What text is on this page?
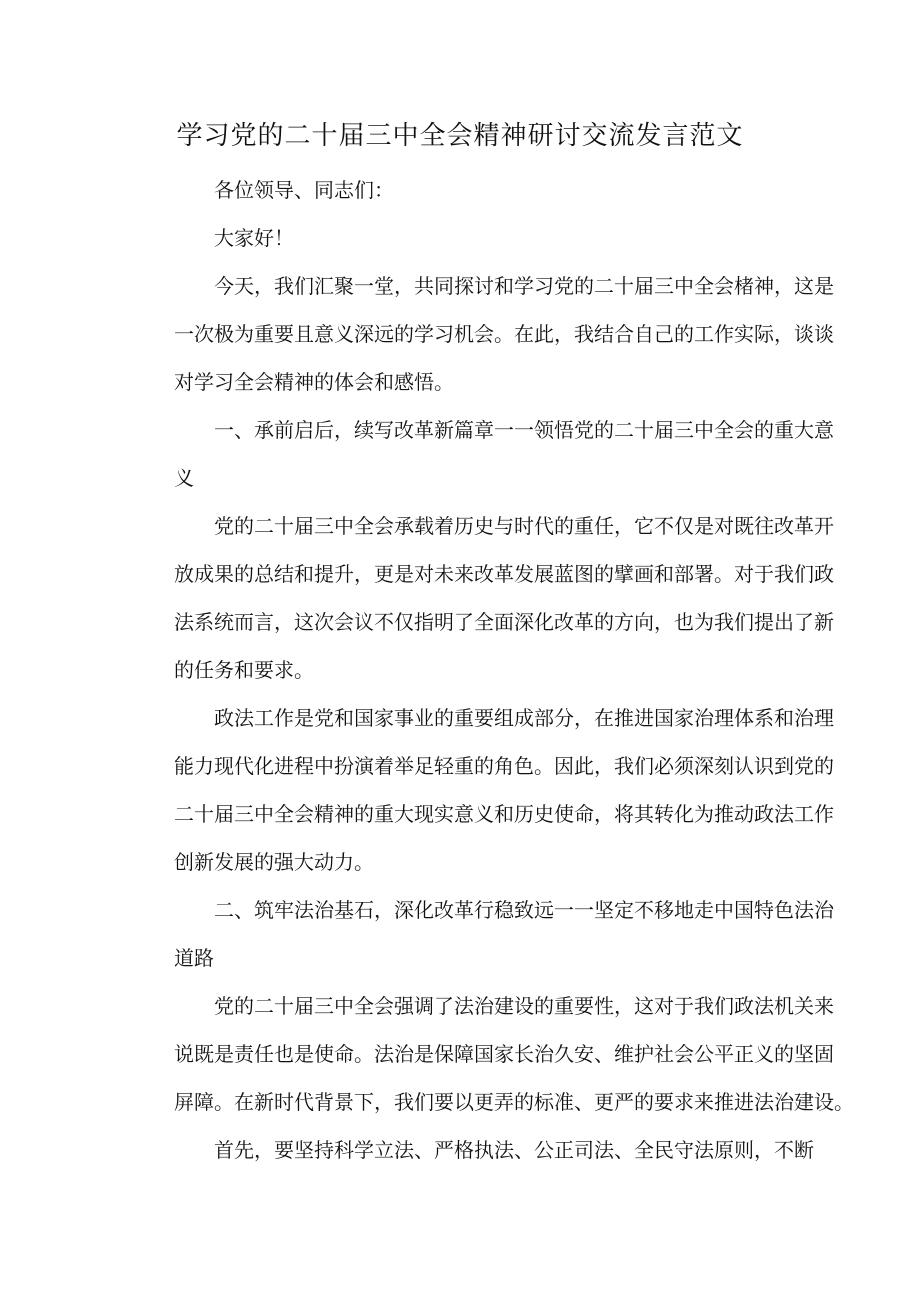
学习党的二十届三中全会精神研讨交流发言范文

各位领导、同志们：

大家好！

今天，我们汇聚一堂，共同探讨和学习党的二十届三中全会楮神，这是
一次极为重要且意义深远的学习机会。在此，我结合自己的工作实际，谈谈
对学习全会精神的体会和感悟。

一、承前启后，续写改革新篇章一一领悟党的二十届三中全会的重大意
义

党的二十届三中全会承载着历史与时代的重任，它不仅是对既往改革开
放成果的总结和提升，更是对未来改革发展蓝图的擘画和部署。对于我们政
法系统而言，这次会议不仅指明了全面深化改革的方向，也为我们提出了新
的任务和要求。

政法工作是党和国家事业的重要组成部分，在推进国家治理体系和治理
能力现代化进程中扮演着举足轻重的角色。因此，我们必须深刻认识到党的
二十届三中全会精神的重大现实意义和历史使命，将其转化为推动政法工作
创新发展的强大动力。

二、筑牢法治基石，深化改革行稳致远一一坚定不移地走中国特色法治
道路

党的二十届三中全会强调了法治建设的重要性，这对于我们政法机关来
说既是责任也是使命。法治是保障国家长治久安、维护社会公平正义的坚固
屏障。在新时代背景下，我们要以更弄的标准、更严的要求来推进法治建设。

首先，要坚持科学立法、严格执法、公正司法、全民守法原则，不断
